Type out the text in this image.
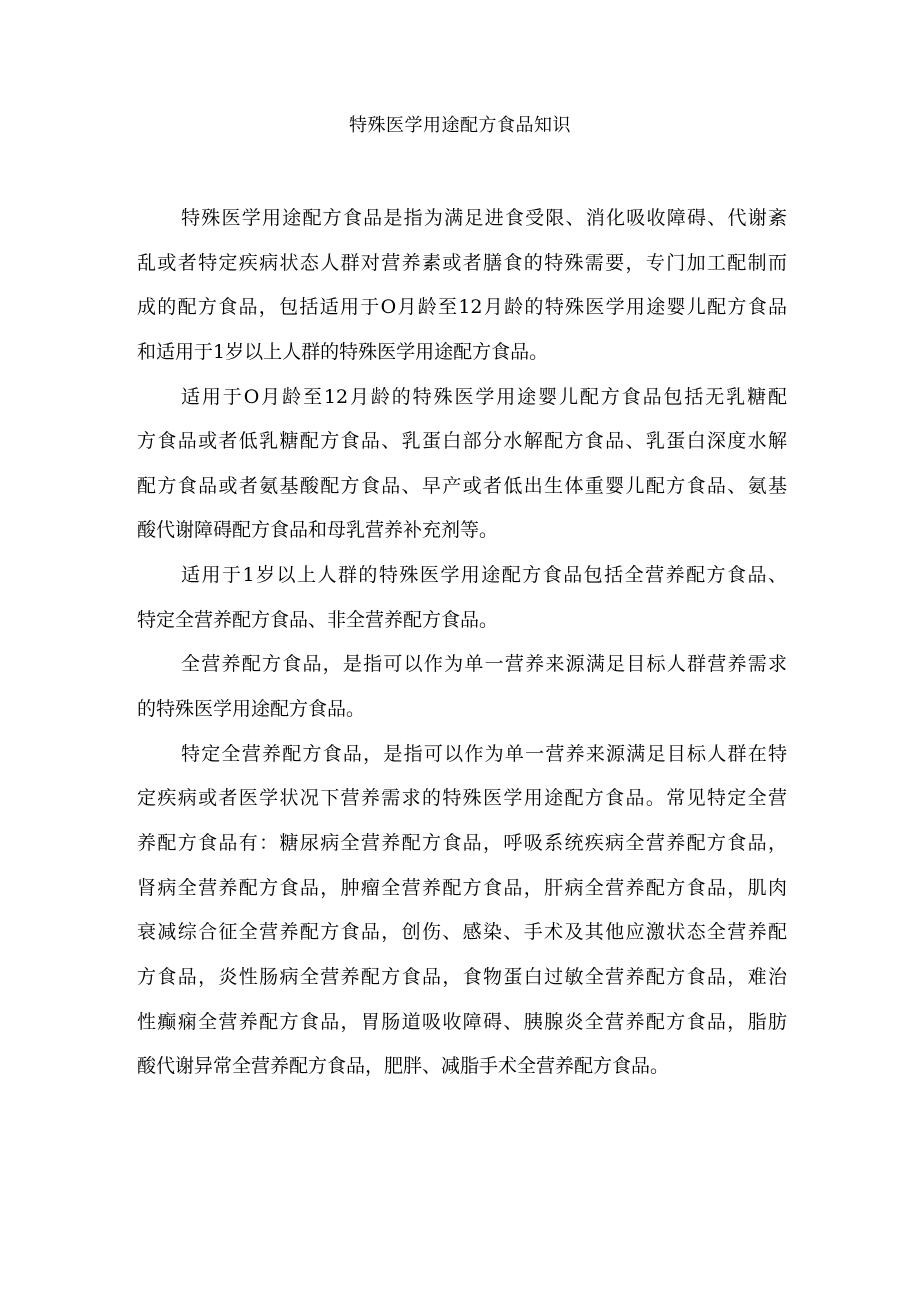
特殊医学用途配方食品知识
特殊医学用途配方食品是指为满足进食受限、消化吸收障碍、代谢紊
乱或者特定疾病状态人群对营养素或者膳食的特殊需要，专门加工配制而
成的配方食品，包括适用于O月龄至12月龄的特殊医学用途婴儿配方食品
和适用于1岁以上人群的特殊医学用途配方食品。
适用于O月龄至12月龄的特殊医学用途婴儿配方食品包括无乳糖配
方食品或者低乳糖配方食品、乳蛋白部分水解配方食品、乳蛋白深度水解
配方食品或者氨基酸配方食品、早产或者低出生体重婴儿配方食品、氨基
酸代谢障碍配方食品和母乳营养补充剂等。
适用于1岁以上人群的特殊医学用途配方食品包括全营养配方食品、
特定全营养配方食品、非全营养配方食品。
全营养配方食品，是指可以作为单一营养来源满足目标人群营养需求
的特殊医学用途配方食品。
特定全营养配方食品，是指可以作为单一营养来源满足目标人群在特
定疾病或者医学状况下营养需求的特殊医学用途配方食品。常见特定全营
养配方食品有：糖尿病全营养配方食品，呼吸系统疾病全营养配方食品，
肾病全营养配方食品，肿瘤全营养配方食品，肝病全营养配方食品，肌肉
衰减综合征全营养配方食品，创伤、感染、手术及其他应激状态全营养配
方食品，炎性肠病全营养配方食品，食物蛋白过敏全营养配方食品，难治
性癫痫全营养配方食品，胃肠道吸收障碍、胰腺炎全营养配方食品，脂肪
酸代谢异常全营养配方食品，肥胖、减脂手术全营养配方食品。
